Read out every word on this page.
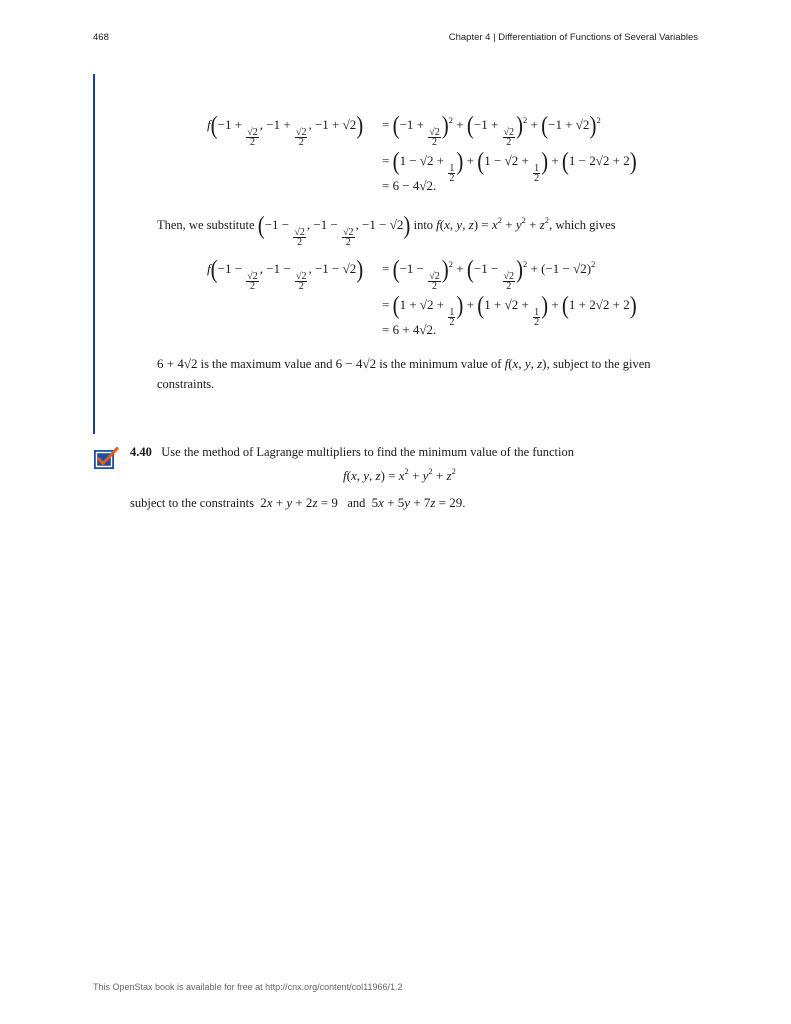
468	Chapter 4 | Differentiation of Functions of Several Variables
f(−1 +
$\frac{√2}{2}$
, −1 +
$\frac{√2}{2}$
, −1 + √2) = (−1 +
$\frac{√2}{2} )^2 + (-1$ +
$\frac{√2}{2} )^2 + (-1 + √2)^2$
= (1 − √2 +
$\frac{1}{2}$ ) + (1 − √2 +
$\frac{1}{2}$ ) + (1 − 2√2 + 2)
= 6 − 4√2.
Then, we substitute (−1 −
$\frac{√2}{2}$
, −1 −
$\frac{√2}{2}$
, −1 − √2) into f(x, y, $z) = x^2 + y^2 + z^2$, which gives
f(−1 −
$\frac{√2}{2}$
, −1 −
$\frac{√2}{2}$
, −1 − √2) = (−1 −
$\frac{√2}{2} )^2 + (-1$ −
$\frac{√2}{2} )^2 + (-1 - √2)^2$
= (1 + √2 +
$\frac{1}{2}$ ) + (1 + √2 +
$\frac{1}{2}$ ) + (1 + 2√2 + 2)
= 6 + 4√2.
6 + 4√2 is the maximum value and 6 − 4√2 is the minimum value of f(x, y, z), subject to the given
constraints.
4.40 Use the method of Lagrange multipliers to find the minimum value of the function
f(x, y, $z) = x^2 + y^2 + z^2$
subject to the constraints  2x + y + 2z = 9   and  5x + 5y + 7z = 29.
This OpenStax book is available for free at http://cnx.org/content/col11966/1.2
